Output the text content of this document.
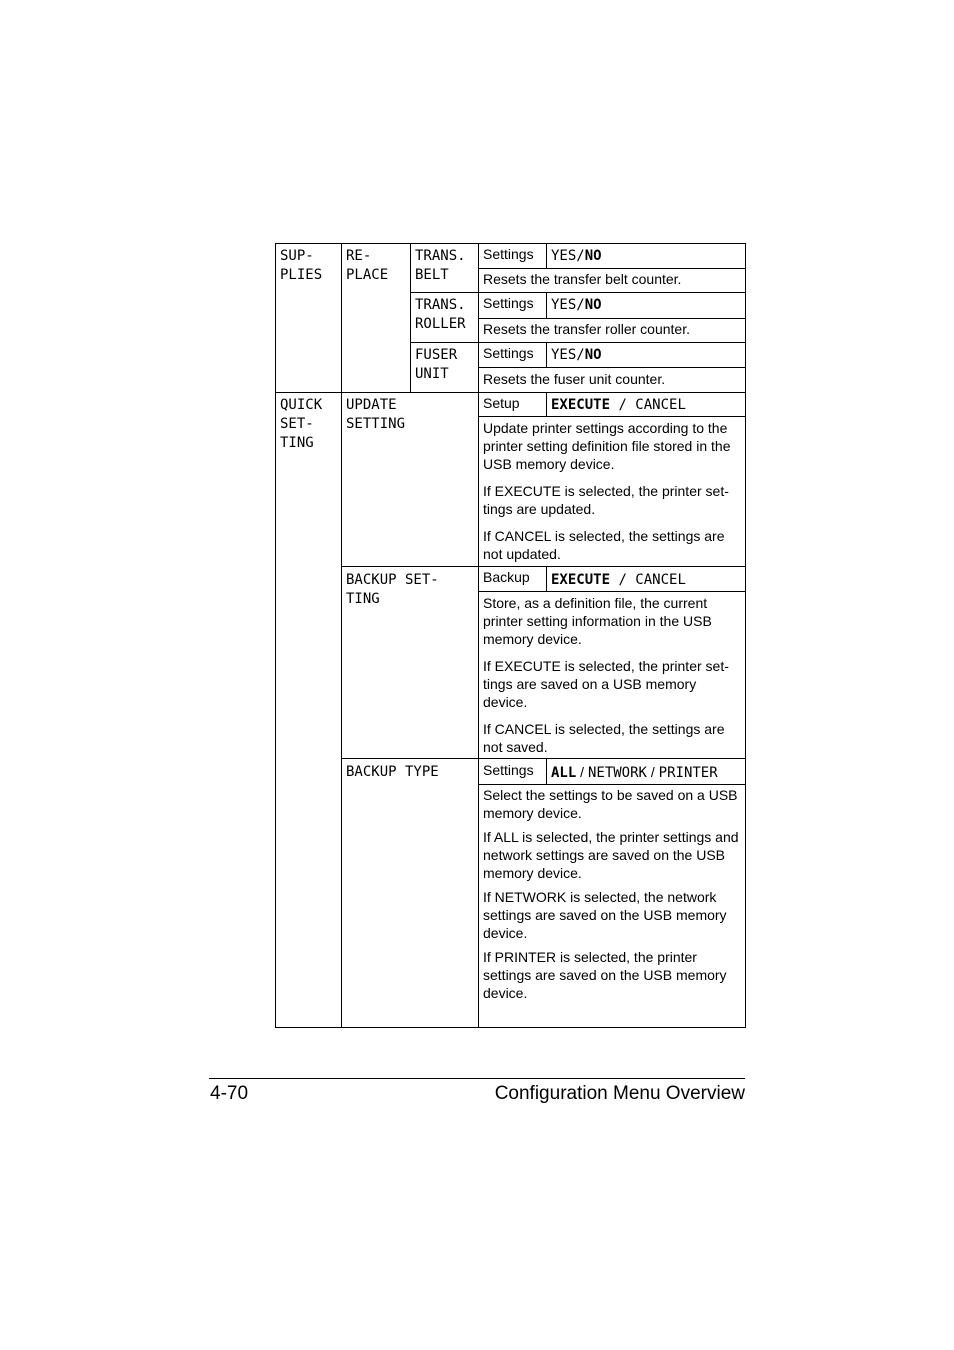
SUP-
PLIES
RE-
PLACE
TRANS.
BELT
Settings YES/NO
Resets the transfer belt counter.
TRANS.
ROLLER
Settings YES/NO
Resets the transfer roller counter.
FUSER
UNIT
Settings YES/NO
Resets the fuser unit counter.
QUICK
SET-
TING
UPDATE
SETTING
Setup EXECUTE / CANCEL

Update printer settings according to the printer setting definition file stored in the USB memory device.

If EXECUTE is selected, the printer set-tings are updated.

If CANCEL is selected, the settings are not updated.

BACKUP SET-
TING
Backup EXECUTE / CANCEL

Store, as a definition file, the current printer setting information in the USB memory device.

If EXECUTE is selected, the printer set-tings are saved on a USB memory device.

If CANCEL is selected, the settings are not saved.

BACKUP TYPE	Settings ALL / NETWORK / PRINTER

Select the settings to be saved on a USB memory device.

If ALL is selected, the printer settings and network settings are saved on the USB memory device.

If NETWORK is selected, the network settings are saved on the USB memory device.

If PRINTER is selected, the printer settings are saved on the USB memory device.

4-70	Configuration Menu Overview
